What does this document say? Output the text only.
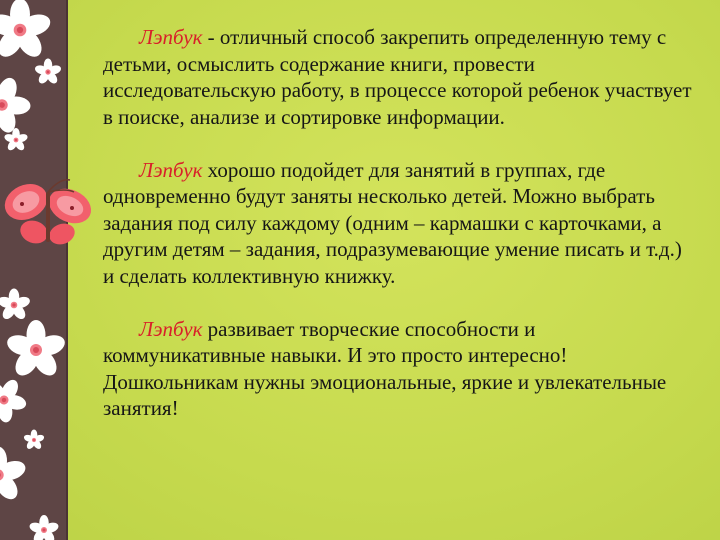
Лэпбук - отличный способ закрепить определенную тему с детьми, осмыслить содержание книги, провести исследовательскую работу, в процессе которой ребенок участвует в поиске, анализе и сортировке информации.

Лэпбук хорошо подойдет для занятий в группах, где одновременно будут заняты несколько детей. Можно выбрать задания под силу каждому (одним – кармашки с карточками, а другим детям – задания, подразумевающие умение писать и т.д.) и сделать коллективную книжку.

Лэпбук развивает творческие способности и коммуникативные навыки. И это просто интересно! Дошкольникам нужны эмоциональные, яркие и увлекательные занятия!
